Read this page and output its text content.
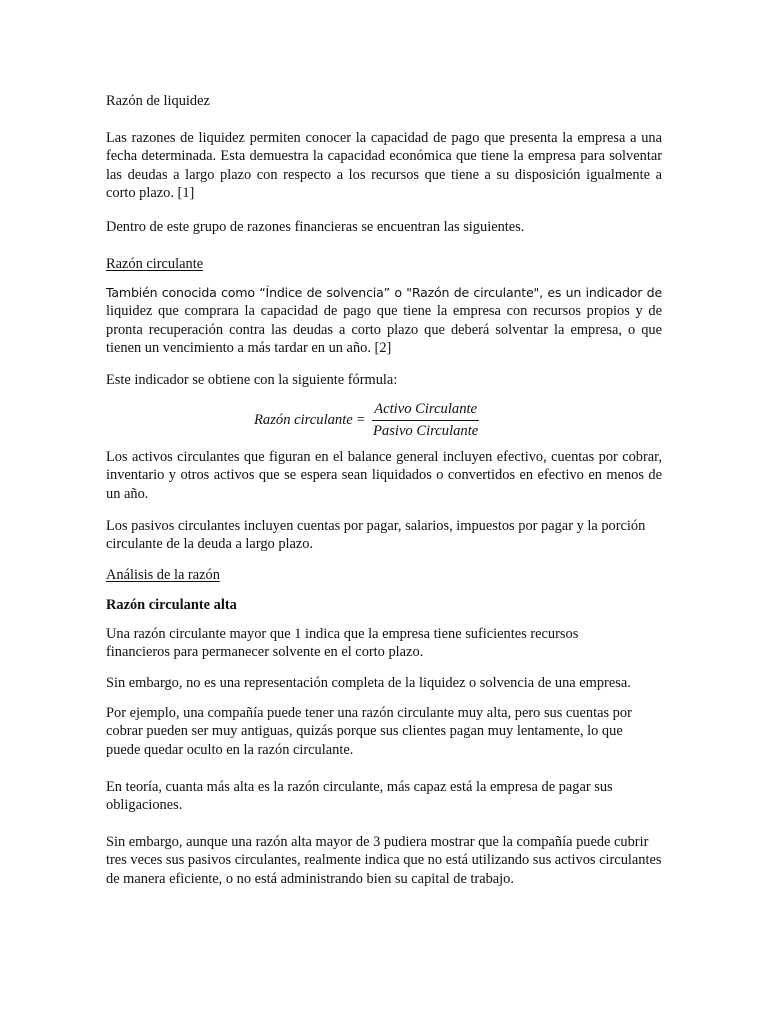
Razón de liquidez

Las razones de liquidez permiten conocer la capacidad de pago que presenta la empresa a una fecha determinada. Esta demuestra la capacidad económica que tiene la empresa para solventar las deudas a largo plazo con respecto a los recursos que tiene a su disposición igualmente a corto plazo. [1]

Dentro de este grupo de razones financieras se encuentran las siguientes.

Razón circulante

También conocida como “Índice de solvencia” o "Razón de circulante", es un indicador de liquidez que comprara la capacidad de pago que tiene la empresa con recursos propios y de pronta recuperación contra las deudas a corto plazo que deberá solventar la empresa, o que tienen un vencimiento a más tardar en un año. [2]

Este indicador se obtiene con la siguiente fórmula:

Razón circulante = $\frac{\text{Activo Circulante}}{\text{Pasivo Circulante}}$

Los activos circulantes que figuran en el balance general incluyen efectivo, cuentas por cobrar, inventario y otros activos que se espera sean liquidados o convertidos en efectivo en menos de un año.

Los pasivos circulantes incluyen cuentas por pagar, salarios, impuestos por pagar y la porción circulante de la deuda a largo plazo.

Análisis de la razón

Razón circulante alta

Una razón circulante mayor que 1 indica que la empresa tiene suficientes recursos financieros para permanecer solvente en el corto plazo.

Sin embargo, no es una representación completa de la liquidez o solvencia de una empresa.

Por ejemplo, una compañía puede tener una razón circulante muy alta, pero sus cuentas por cobrar pueden ser muy antiguas, quizás porque sus clientes pagan muy lentamente, lo que puede quedar oculto en la razón circulante.

En teoría, cuanta más alta es la razón circulante, más capaz está la empresa de pagar sus obligaciones.

Sin embargo, aunque una razón alta mayor de 3 pudiera mostrar que la compañía puede cubrir tres veces sus pasivos circulantes, realmente indica que no está utilizando sus activos circulantes de manera eficiente, o no está administrando bien su capital de trabajo.
